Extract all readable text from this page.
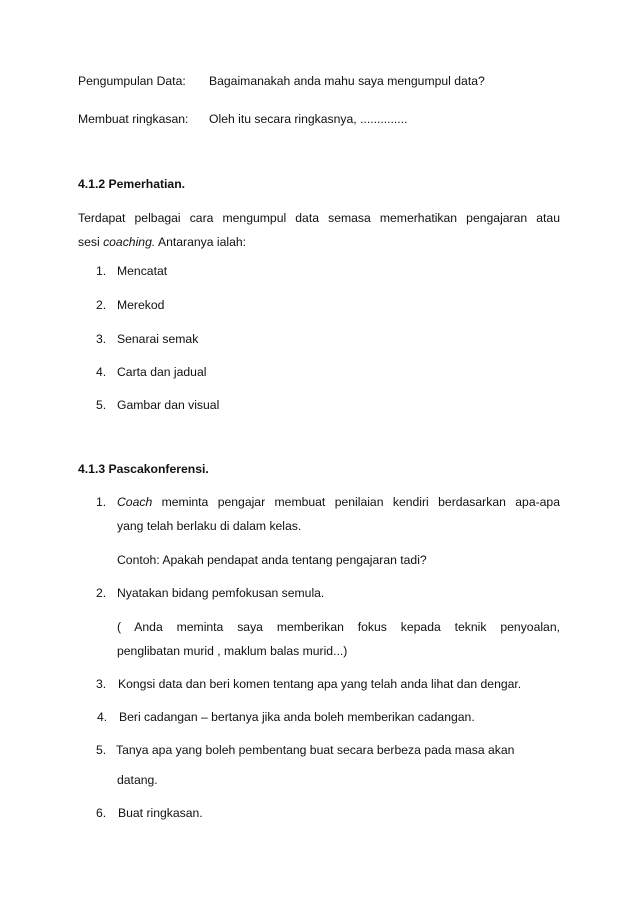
Pengumpulan Data: Bagaimanakah anda mahu saya mengumpul data?
Membuat ringkasan: Oleh itu secara ringkasnya, ..............
4.1.2 Pemerhatian.
Terdapat pelbagai cara mengumpul data semasa memerhatikan pengajaran atau
sesi coaching. Antaranya ialah:
1. Mencatat
2. Merekod
3. Senarai semak
4. Carta dan jadual
5. Gambar dan visual
4.1.3 Pascakonferensi.
1. Coach meminta pengajar membuat penilaian kendiri berdasarkan apa-apa
yang telah berlaku di dalam kelas.
Contoh: Apakah pendapat anda tentang pengajaran tadi?
2. Nyatakan bidang pemfokusan semula.
( Anda meminta saya memberikan fokus kepada teknik penyoalan,
penglibatan murid , maklum balas murid...)
3. Kongsi data dan beri komen tentang apa yang telah anda lihat dan dengar.
4. Beri cadangan – bertanya jika anda boleh memberikan cadangan.
5. Tanya apa yang boleh pembentang buat secara berbeza pada masa akan
datang.
6. Buat ringkasan.
